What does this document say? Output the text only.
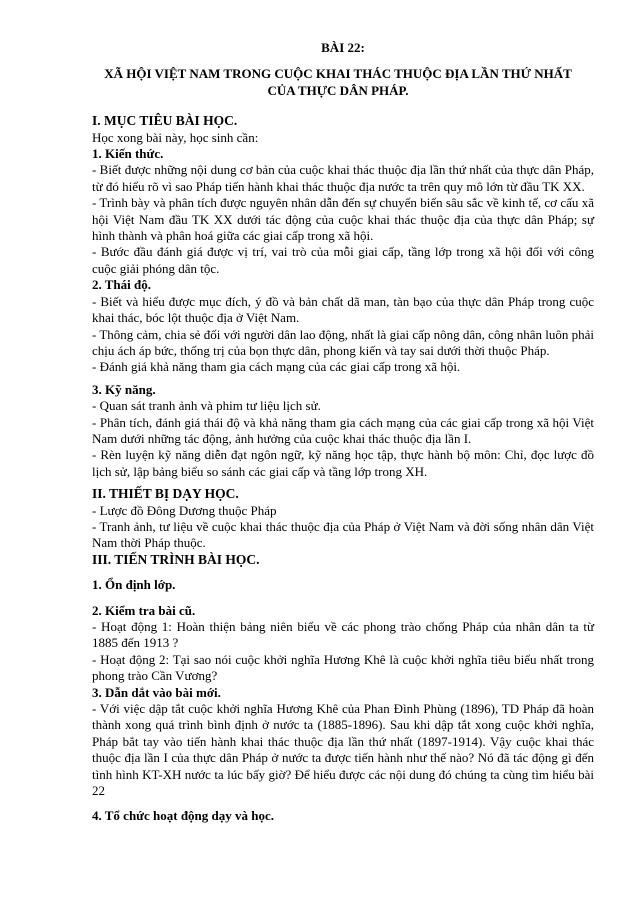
BÀI 22:
XÃ HỘI VIỆT NAM TRONG CUỘC KHAI THÁC THUỘC ĐỊA LẦN THỨ NHẤT CỦA THỰC DÂN PHÁP.
I. MỤC TIÊU BÀI HỌC.

Học xong bài này, học sinh cần:

1. Kiến thức.

- Biết được những nội dung cơ bản của cuộc khai thác thuộc địa lần thứ nhất của thực dân Pháp, từ đó hiểu rõ vì sao Pháp tiến hành khai thác thuộc địa nước ta trên quy mô lớn từ đầu TK XX.

- Trình bày và phân tích được nguyên nhân dẫn đến sự chuyển biến sâu sắc về kinh tế, cơ cấu xã hội Việt Nam đầu TK XX dưới tác động của cuộc khai thác thuộc địa của thực dân Pháp; sự hình thành và phân hoá giữa các giai cấp trong xã hội.

- Bước đầu đánh giá được vị trí, vai trò của mỗi giai cấp, tầng lớp trong xã hội đối với công cuộc giải phóng dân tộc.

2. Thái độ.

- Biết và hiểu được mục đích, ý đồ và bản chất dã man, tàn bạo của thực dân Pháp trong cuộc khai thác, bóc lột thuộc địa ở Việt Nam.

- Thông cảm, chia sẻ đối với người dân lao động, nhất là giai cấp nông dân, công nhân luôn phải chịu ách áp bức, thống trị của bọn thực dân, phong kiến và tay sai dưới thời thuộc Pháp.

- Đánh giá khả năng tham gia cách mạng của các giai cấp trong xã hội.

3. Kỹ năng.

- Quan sát tranh ảnh và phim tư liệu lịch sử.

- Phân tích, đánh giá thái độ và khả năng tham gia cách mạng của các giai cấp trong xã hội Việt Nam dưới những tác động, ảnh hưởng của cuộc khai thác thuộc địa lần I.

- Rèn luyện kỹ năng diễn đạt ngôn ngữ, kỹ năng học tập, thực hành bộ môn: Chỉ, đọc lược đồ lịch sử, lập bảng biểu so sánh các giai cấp và tầng lớp trong XH.

II. THIẾT BỊ DẠY HỌC.

- Lược đồ Đông Dương thuộc Pháp

- Tranh ảnh, tư liệu về cuộc khai thác thuộc địa của Pháp ở Việt Nam và đời sống nhân dân Việt Nam thời Pháp thuộc.

III. TIẾN TRÌNH BÀI HỌC.
1. Ổn định lớp.
2. Kiểm tra bài cũ.

- Hoạt động 1: Hoàn thiện bảng niên biểu về các phong trào chống Pháp của nhân dân ta từ 1885 đến 1913 ?

- Hoạt động 2: Tại sao nói cuộc khởi nghĩa Hương Khê là cuộc khởi nghĩa tiêu biểu nhất trong phong trào Cần Vương?

3. Dẫn dắt vào bài mới.

- Với việc dập tắt cuộc khởi nghĩa Hương Khê của Phan Đình Phùng (1896), TD Pháp đã hoàn thành xong quá trình bình định ở nước ta (1885-1896). Sau khi dập tắt xong cuộc khởi nghĩa, Pháp bắt tay vào tiến hành khai thác thuộc địa lần thứ nhất (1897-1914). Vậy cuộc khai thác thuộc địa lần I của thực dân Pháp ở nước ta được tiến hành như thế nào? Nó đã tác động gì đến tình hình KT-XH nước ta lúc bấy giờ? Để hiểu được các nội dung đó chúng ta cùng tìm hiểu bài 22

4. Tổ chức hoạt động dạy và học.
